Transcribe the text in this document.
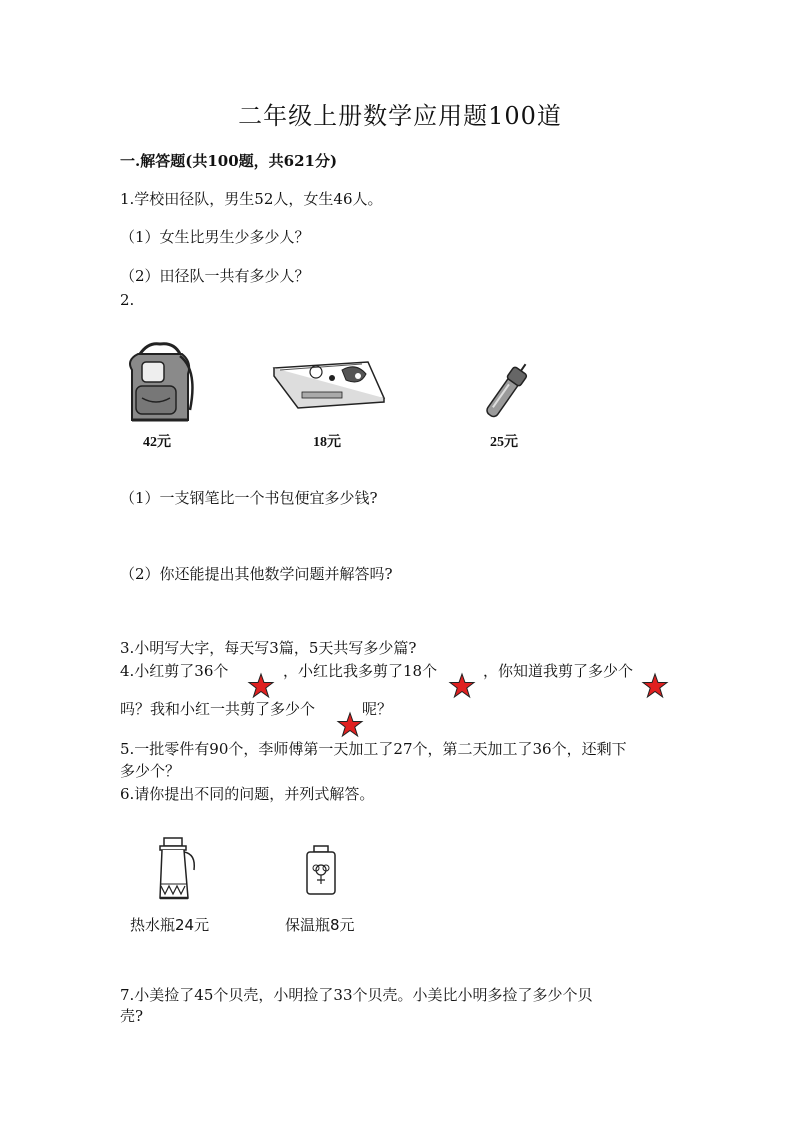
二年级上册数学应用题100道
一.解答题(共100题，共621分)
1.学校田径队，男生52人，女生46人。
（1）女生比男生少多少人？
（2）田径队一共有多少人？
2.
42元	18元	25元
（1）一支钢笔比一个书包便宜多少钱?
（2）你还能提出其他数学问题并解答吗?
3.小明写大字，每天写3篇，5天共写多少篇?
4.小红剪了36个	，小红比我多剪了18个	，你知道我剪了多少个
吗？我和小红一共剪了多少个	呢？
5.一批零件有90个，李师傅第一天加工了27个，第二天加工了36个，还剩下
多少个？
6.请你提出不同的问题，并列式解答。
热水瓶24元	保温瓶8元
7.小美捡了45个贝壳，小明捡了33个贝壳。小美比小明多捡了多少个贝
壳?
